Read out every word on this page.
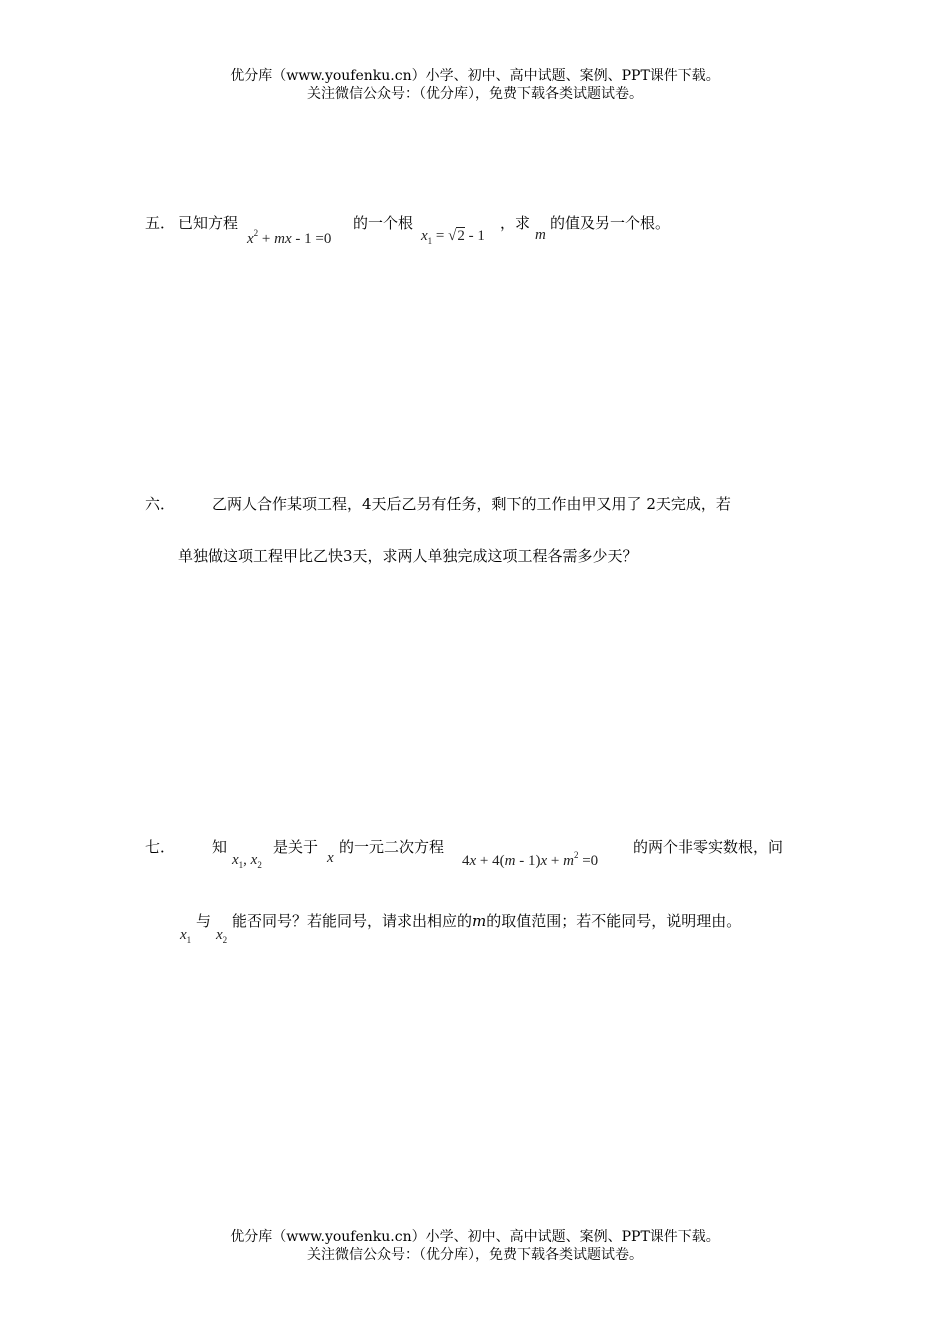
优分库（www.youfenku.cn）小学、初中、高中试题、案例、PPT课件下载。
关注微信公众号：（优分库），免费下载各类试题试卷。
五． 已知方程
$x^2$ + mx - 1 =0
的一个根
$x_1 = √2 - 1$
，求
m
的值及另一个根。
六． 乙两人合作某项工程，4天后乙另有任务，剩下的工作由甲又用了 2天完成，若
单独做这项工程甲比乙快3天，求两人单独完成这项工程各需多少天？
七． 知
$x_1$, $x_2$
是关于
x
的一元二次方程
$4x + 4(m - 1)x + m^2 =0$
的两个非零实数根，问
$x_1$
与
$x_2$
能否同号？若能同号，请求出相应的m的取值范围；若不能同号，说明理由。
优分库（www.youfenku.cn）小学、初中、高中试题、案例、PPT课件下载。
关注微信公众号：（优分库），免费下载各类试题试卷。
